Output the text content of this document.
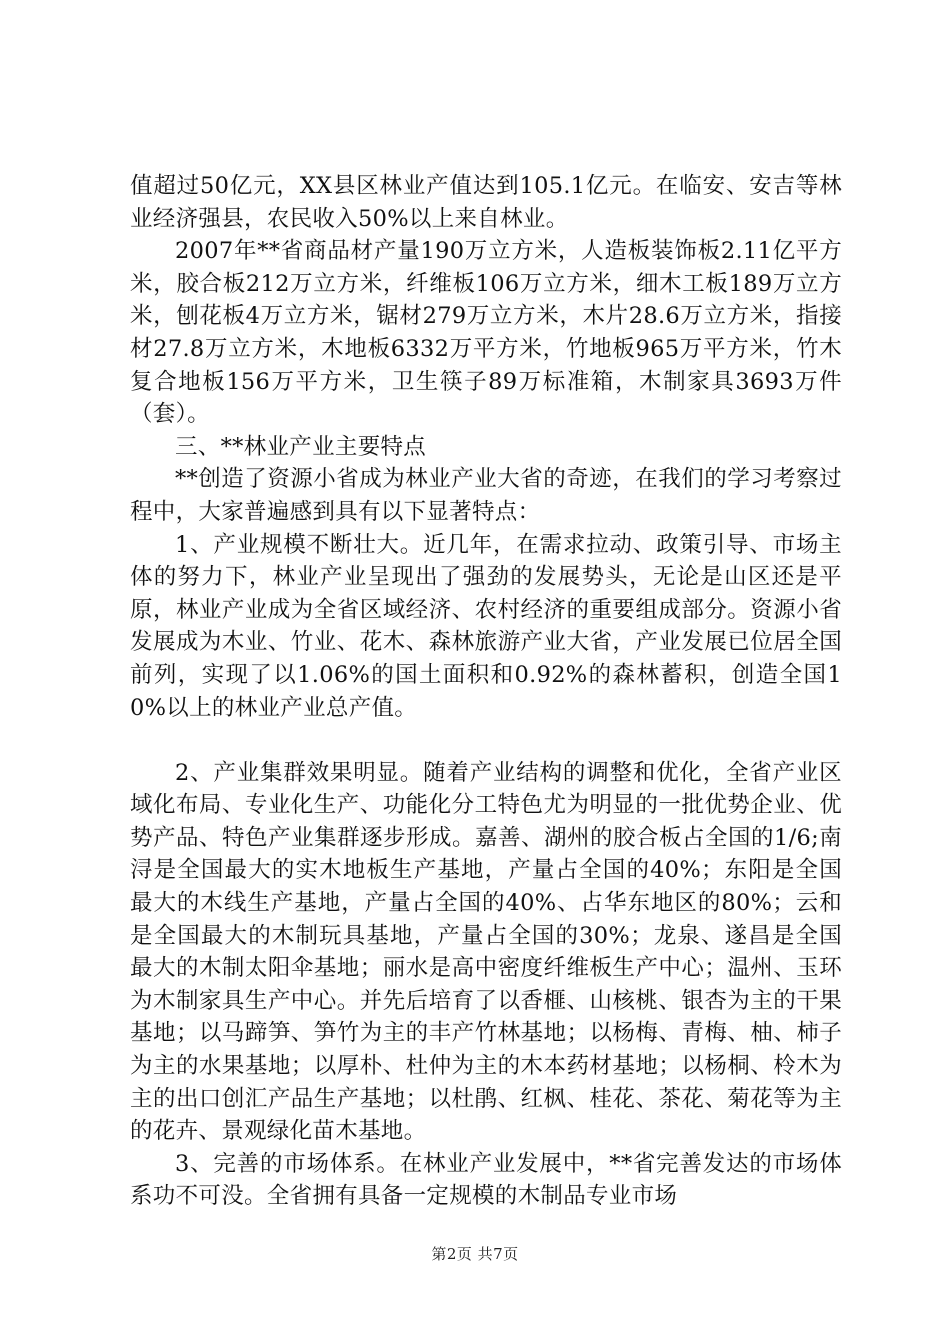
值超过50亿元，XX县区林业产值达到105.1亿元。在临安、安吉等林业经济强县，农民收入50%以上来自林业。

2007年**省商品材产量190万立方米，人造板装饰板2.11亿平方米，胶合板212万立方米，纤维板106万立方米，细木工板189万立方米，刨花板4万立方米，锯材279万立方米，木片28.6万立方米，指接材27.8万立方米，木地板6332万平方米，竹地板965万平方米，竹木复合地板156万平方米，卫生筷子89万标准箱，木制家具3693万件（套）。

三、**林业产业主要特点

**创造了资源小省成为林业产业大省的奇迹，在我们的学习考察过程中，大家普遍感到具有以下显著特点：

1、产业规模不断壮大。近几年，在需求拉动、政策引导、市场主体的努力下，林业产业呈现出了强劲的发展势头，无论是山区还是平原，林业产业成为全省区域经济、农村经济的重要组成部分。资源小省发展成为木业、竹业、花木、森林旅游产业大省，产业发展已位居全国前列，实现了以1.06%的国土面积和0.92%的森林蓄积，创造全国10%以上的林业产业总产值。

2、产业集群效果明显。随着产业结构的调整和优化，全省产业区域化布局、专业化生产、功能化分工特色尤为明显的一批优势企业、优势产品、特色产业集群逐步形成。嘉善、湖州的胶合板占全国的1/6;南浔是全国最大的实木地板生产基地，产量占全国的40%；东阳是全国最大的木线生产基地，产量占全国的40%、占华东地区的80%；云和是全国最大的木制玩具基地，产量占全国的30%；龙泉、遂昌是全国最大的木制太阳伞基地；丽水是高中密度纤维板生产中心；温州、玉环为木制家具生产中心。并先后培育了以香榧、山核桃、银杏为主的干果基地；以马蹄笋、笋竹为主的丰产竹林基地；以杨梅、青梅、柚、柿子为主的水果基地；以厚朴、杜仲为主的木本药材基地；以杨桐、柃木为主的出口创汇产品生产基地；以杜鹃、红枫、桂花、茶花、菊花等为主的花卉、景观绿化苗木基地。

3、完善的市场体系。在林业产业发展中，**省完善发达的市场体系功不可没。全省拥有具备一定规模的木制品专业市场

第2页 共7页
